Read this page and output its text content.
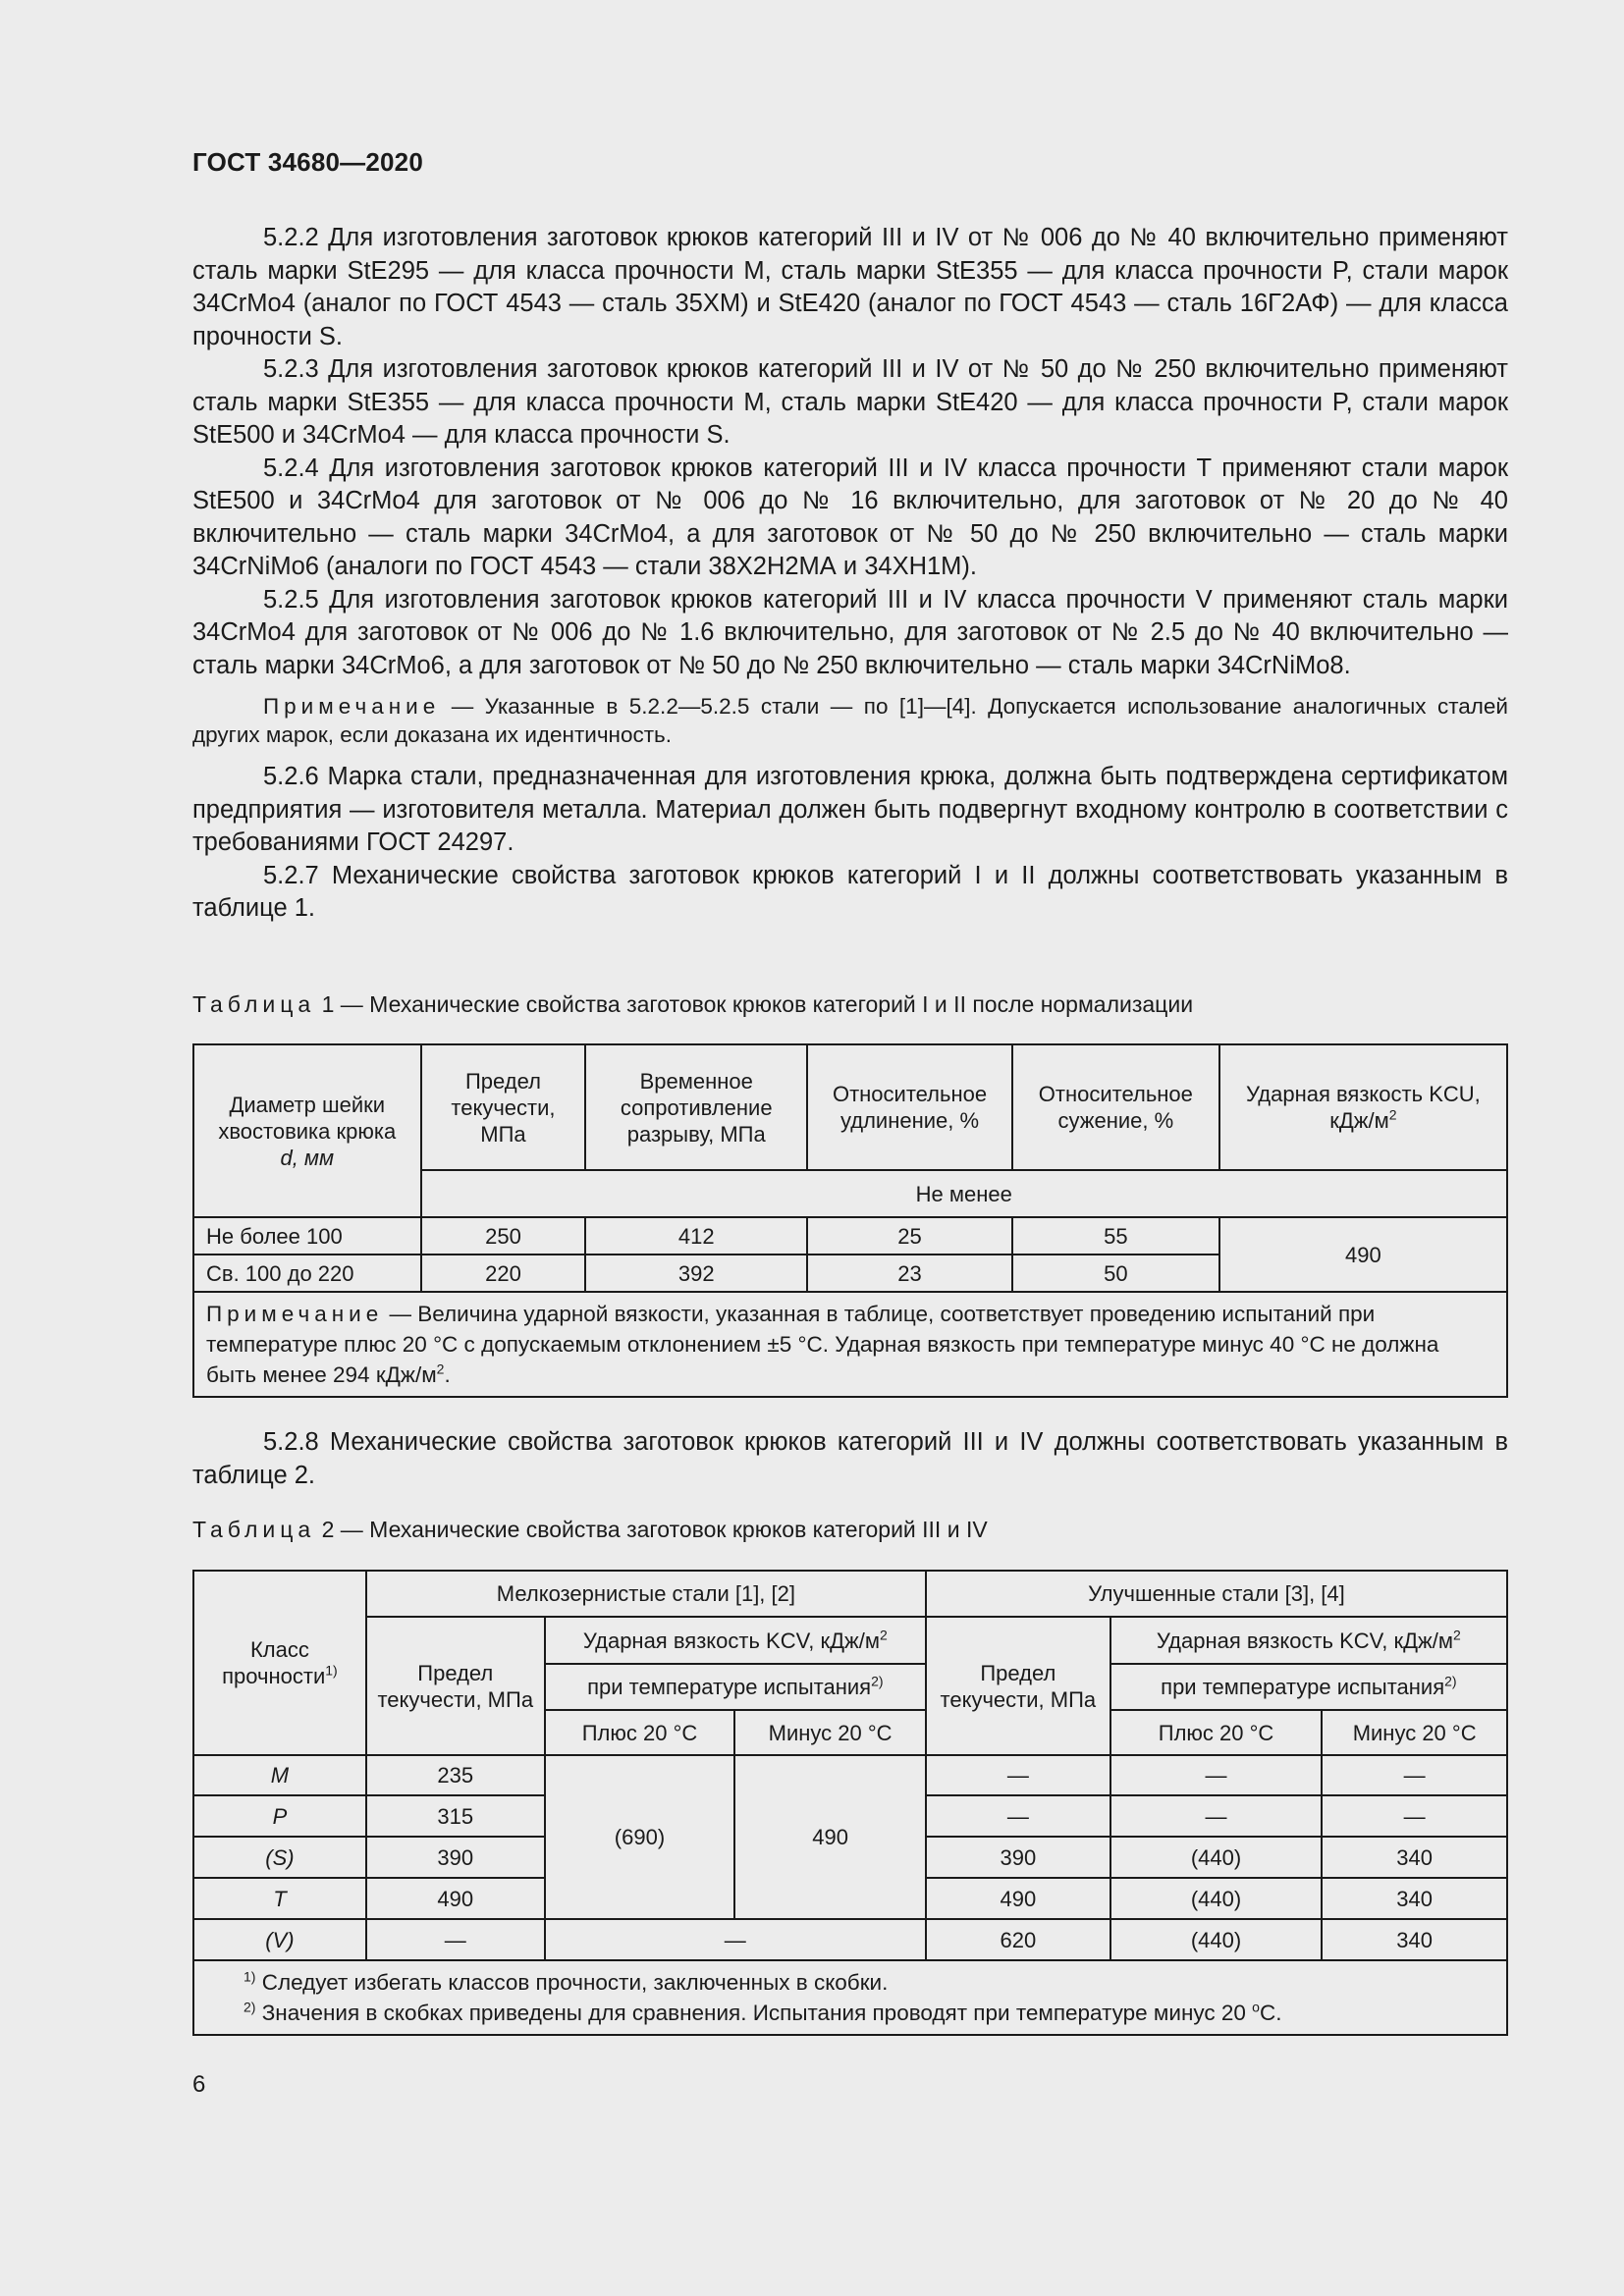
ГОСТ 34680—2020

5.2.2 Для изготовления заготовок крюков категорий III и IV от № 006 до № 40 включительно применяют сталь марки StE295 — для класса прочности M, сталь марки StE355 — для класса прочности P, стали марок 34CrMo4 (аналог по ГОСТ 4543 — сталь 35ХМ) и StE420 (аналог по ГОСТ 4543 — сталь 16Г2АФ) — для класса прочности S.

5.2.3 Для изготовления заготовок крюков категорий III и IV от № 50 до № 250 включительно применяют сталь марки StE355 — для класса прочности M, сталь марки StE420 — для класса прочности P, стали марок StE500 и 34CrMo4 — для класса прочности S.

5.2.4 Для изготовления заготовок крюков категорий III и IV класса прочности T применяют стали марок StE500 и 34CrMo4 для заготовок от № 006 до № 16 включительно, для заготовок от № 20 до № 40 включительно — сталь марки 34CrMo4, а для заготовок от № 50 до № 250 включительно — сталь марки 34CrNiMo6 (аналоги по ГОСТ 4543 — стали 38Х2Н2МА и 34ХН1М).

5.2.5 Для изготовления заготовок крюков категорий III и IV класса прочности V применяют сталь марки 34CrMo4 для заготовок от № 006 до № 1.6 включительно, для заготовок от № 2.5 до № 40 включительно — сталь марки 34CrMo6, а для заготовок от № 50 до № 250 включительно — сталь марки 34CrNiMo8.

Примечание — Указанные в 5.2.2—5.2.5 стали — по [1]—[4]. Допускается использование аналогичных сталей других марок, если доказана их идентичность.

5.2.6 Марка стали, предназначенная для изготовления крюка, должна быть подтверждена сертификатом предприятия — изготовителя металла. Материал должен быть подвергнут входному контролю в соответствии с требованиями ГОСТ 24297.

5.2.7 Механические свойства заготовок крюков категорий I и II должны соответствовать указанным в таблице 1.

Таблица 1 — Механические свойства заготовок крюков категорий I и II после нормализации
Диаметр шейки хвостовика крюка
d, мм	Предел текучести, МПа	Временное сопротивление разрыву, МПа	Относительное удлинение, %	Относительное сужение, %	Ударная вязкость KCU, кДж/$м^2$
	Не менее				
Не более 100	250	412	25	55	490
Св. 100 до 220	220	392	23	50	
Примечание — Величина ударной вязкости, указанная в таблице, соответствует проведению испытаний при температуре плюс 20 °С с допускаемым отклонением ±5 °С. Ударная вязкость при температуре минус 40 °С не должна быть менее 294 кДж/$м^2$.					

5.2.8 Механические свойства заготовок крюков категорий III и IV должны соответствовать указанным в таблице 2.

Таблица 2 — Механические свойства заготовок крюков категорий III и IV
Класс прочности$^{1)}$	Мелкозернистые стали [1], [2]			Улучшенные стали [3], [4]		
	Предел текучести, МПа	Ударная вязкость KCV, кДж/$м^2$		Предел текучести, МПа	Ударная вязкость KCV, кДж/$м^2$
		при температуре испытания$^{2)}$			при температуре испытания$^{2)}$
		Плюс 20 °С	Минус 20 °С		Плюс 20 °С	Минус 20 °С
M	235	(690)	490	—	—	—
P	315			—	—	—
(S)	390			390	(440)	340
T	490			490	(440)	340
(V)	—	—		620	(440)	340

$^{1)}$ Следует избегать классов прочности, заключенных в скобки.
$^{2)}$ Значения в скобках приведены для сравнения. Испытания проводят при температуре минус 20 $^о$С.						
6
